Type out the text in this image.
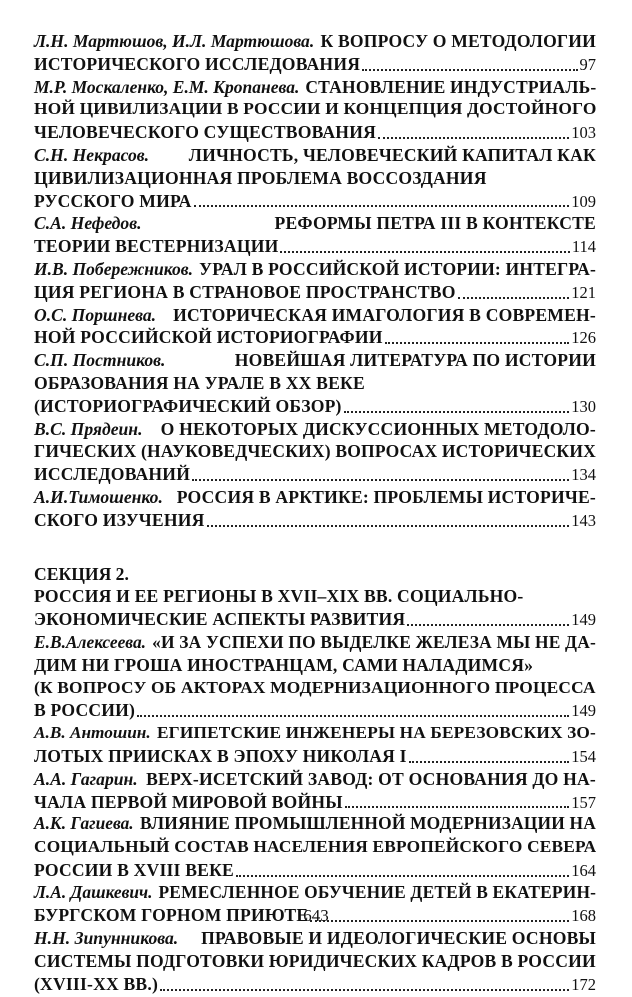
Л.Н. Мартюшов, И.Л. Мартюшова. К ВОПРОСУ О МЕТОДОЛОГИИ
ИСТОРИЧЕСКОГО ИССЛЕДОВАНИЯ	97
М.Р. Москаленко, Е.М. Кропанева. СТАНОВЛЕНИЕ ИНДУСТРИАЛЬ-
НОЙ ЦИВИЛИЗАЦИИ В РОССИИ И КОНЦЕПЦИЯ ДОСТОЙНОГО
ЧЕЛОВЕЧЕСКОГО СУЩЕСТВОВАНИЯ	103
С.Н. Некрасов. ЛИЧНОСТЬ, ЧЕЛОВЕЧЕСКИЙ КАПИТАЛ КАК
ЦИВИЛИЗАЦИОННАЯ ПРОБЛЕМА ВОССОЗДАНИЯ
РУССКОГО МИРА	109
С.А. Нефедов.	РЕФОРМЫ ПЕТРА III В КОНТЕКСТЕ
ТЕОРИИ ВЕСТЕРНИЗАЦИИ	114
И.В. Побережников. УРАЛ В РОССИЙСКОЙ ИСТОРИИ: ИНТЕГРА-
ЦИЯ РЕГИОНА В СТРАНОВОЕ ПРОСТРАНСТВО	121
О.С. Поршнева. ИСТОРИЧЕСКАЯ ИМАГОЛОГИЯ В СОВРЕМЕН-
НОЙ РОССИЙСКОЙ ИСТОРИОГРАФИИ	126
С.П. Постников.	НОВЕЙШАЯ ЛИТЕРАТУРА ПО ИСТОРИИ
ОБРАЗОВАНИЯ НА УРАЛЕ В XX ВЕКЕ
(ИСТОРИОГРАФИЧЕСКИЙ ОБЗОР)	130
В.С. Прядеин. О НЕКОТОРЫХ ДИСКУССИОННЫХ МЕТОДОЛО-
ГИЧЕСКИХ (НАУКОВЕДЧЕСКИХ) ВОПРОСАХ ИСТОРИЧЕСКИХ
ИССЛЕДОВАНИЙ	134
А.И.Тимошенко. РОССИЯ В АРКТИКЕ: ПРОБЛЕМЫ ИСТОРИЧЕ-
СКОГО ИЗУЧЕНИЯ	143
СЕКЦИЯ 2.
РОССИЯ И ЕЕ РЕГИОНЫ В XVII–XIX ВВ. СОЦИАЛЬНО-
ЭКОНОМИЧЕСКИЕ АСПЕКТЫ РАЗВИТИЯ	149
Е.В.Алексеева. «И ЗА УСПЕХИ ПО ВЫДЕЛКЕ ЖЕЛЕЗА МЫ НЕ ДА-
ДИМ НИ ГРОША ИНОСТРАНЦАМ, САМИ НАЛАДИМСЯ»
(К ВОПРОСУ ОБ АКТОРАХ МОДЕРНИЗАЦИОННОГО ПРОЦЕССА
В РОССИИ)	149
А.В. Антошин. ЕГИПЕТСКИЕ ИНЖЕНЕРЫ НА БЕРЕЗОВСКИХ ЗО-
ЛОТЫХ ПРИИСКАХ В ЭПОХУ НИКОЛАЯ I	154
А.А. Гагарин. ВЕРХ-ИСЕТСКИЙ ЗАВОД: ОТ ОСНОВАНИЯ ДО НА-
ЧАЛА ПЕРВОЙ МИРОВОЙ ВОЙНЫ	157
А.К. Гагиева. ВЛИЯНИЕ ПРОМЫШЛЕННОЙ МОДЕРНИЗАЦИИ НА
СОЦИАЛЬНЫЙ СОСТАВ НАСЕЛЕНИЯ ЕВРОПЕЙСКОГО СЕВЕРА
РОССИИ В XVIII ВЕКЕ	164
Л.А. Дашкевич. РЕМЕСЛЕННОЕ ОБУЧЕНИЕ ДЕТЕЙ В ЕКАТЕРИН-
БУРГСКОМ ГОРНОМ ПРИЮТЕ	168
Н.Н. Зипунникова. ПРАВОВЫЕ И ИДЕОЛОГИЧЕСКИЕ ОСНОВЫ
СИСТЕМЫ ПОДГОТОВКИ ЮРИДИЧЕСКИХ КАДРОВ В РОССИИ
(XVIII-XX ВВ.)	172
643
